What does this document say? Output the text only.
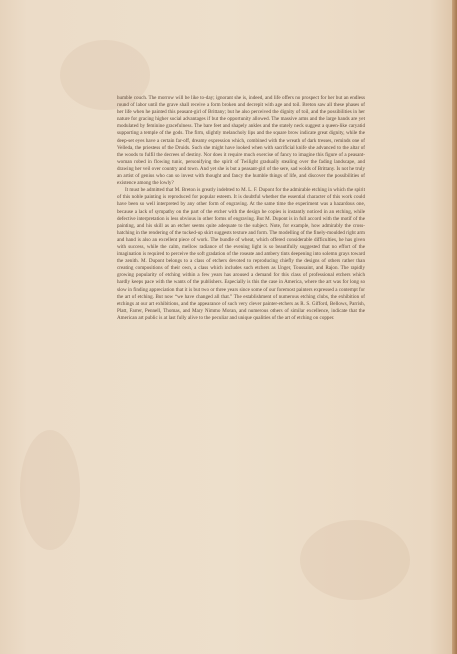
humble couch. The morrow will be like to-day; ignorant she is, indeed, and life offers no prospect for her but an endless round of labor until the grave shall receive a form broken and decrepit with age and toil. Breton saw all these phases of her life when he painted this peasant-girl of Brittany; but he also perceived the dignity of toil, and the possibilities in her nature for gracing higher social advantages if but the opportunity allowed. The massive arms and the large hands are yet modulated by feminine gracefulness. The bare feet and shapely ankles and the stately neck suggest a queen-like caryatid supporting a temple of the gods. The firm, slightly melancholy lips and the square brow indicate great dignity, while the deep-set eyes have a certain far-off, dreamy expression which, combined with the wreath of dark tresses, reminds one of Velleda, the priestess of the Druids. Such she might have looked when with sacrificial knife she advanced to the altar of the woods to fulfil the decrees of destiny. Nor does it require much exercise of fancy to imagine this figure of a peasant-woman robed in flowing tunic, personifying the spirit of Twilight gradually stealing over the fading landscape, and drawing her veil over country and town. And yet she is but a peasant-girl of the sere, sad wolds of Brittany. Is not he truly an artist of genius who can so invest with thought and fancy the humble things of life, and discover the possibilities of existence among the lowly?

It must be admitted that M. Breton is greatly indebted to M. L. F. Dupont for the admirable etching in which the spirit of this noble painting is reproduced for popular esteem. It is doubtful whether the essential character of this work could have been so well interpreted by any other form of engraving. At the same time the experiment was a hazardous one, because a lack of sympathy on the part of the etcher with the design he copies is instantly noticed in an etching, while defective interpretation is less obvious in other forms of engraving. But M. Dupont is in full accord with the motif of the painting, and his skill as an etcher seems quite adequate to the subject. Note, for example, how admirably the cross-hatching in the rendering of the tucked-up skirt suggests texture and form. The modelling of the finely-moulded right arm and hand is also an excellent piece of work. The bundle of wheat, which offered considerable difficulties, he has given with success, while the calm, mellow radiance of the evening light is so beautifully suggested that no effort of the imagination is required to perceive the soft gradation of the roseate and ambery tints deepening into solemn grays toward the zenith. M. Dupont belongs to a class of etchers devoted to reproducing chiefly the designs of others rather than creating compositions of their own, a class which includes such etchers as Unger, Toussaint, and Rajon. The rapidly growing popularity of etching within a few years has aroused a demand for this class of professional etchers which hardly keeps pace with the wants of the publishers. Especially is this the case in America, where the art was for long so slow in finding appreciation that it is but two or three years since some of our foremost painters expressed a contempt for the art of etching. But now “we have changed all that.” The establishment of numerous etching clubs, the exhibition of etchings at our art exhibitions, and the appearance of such very clever painter-etchers as R. S. Gifford, Bellows, Parrish, Platt, Farrer, Pennell, Thomas, and Mary Nimmo Moran, and numerous others of similar excellence, indicate that the American art public is at last fully alive to the peculiar and unique qualities of the art of etching on copper.
